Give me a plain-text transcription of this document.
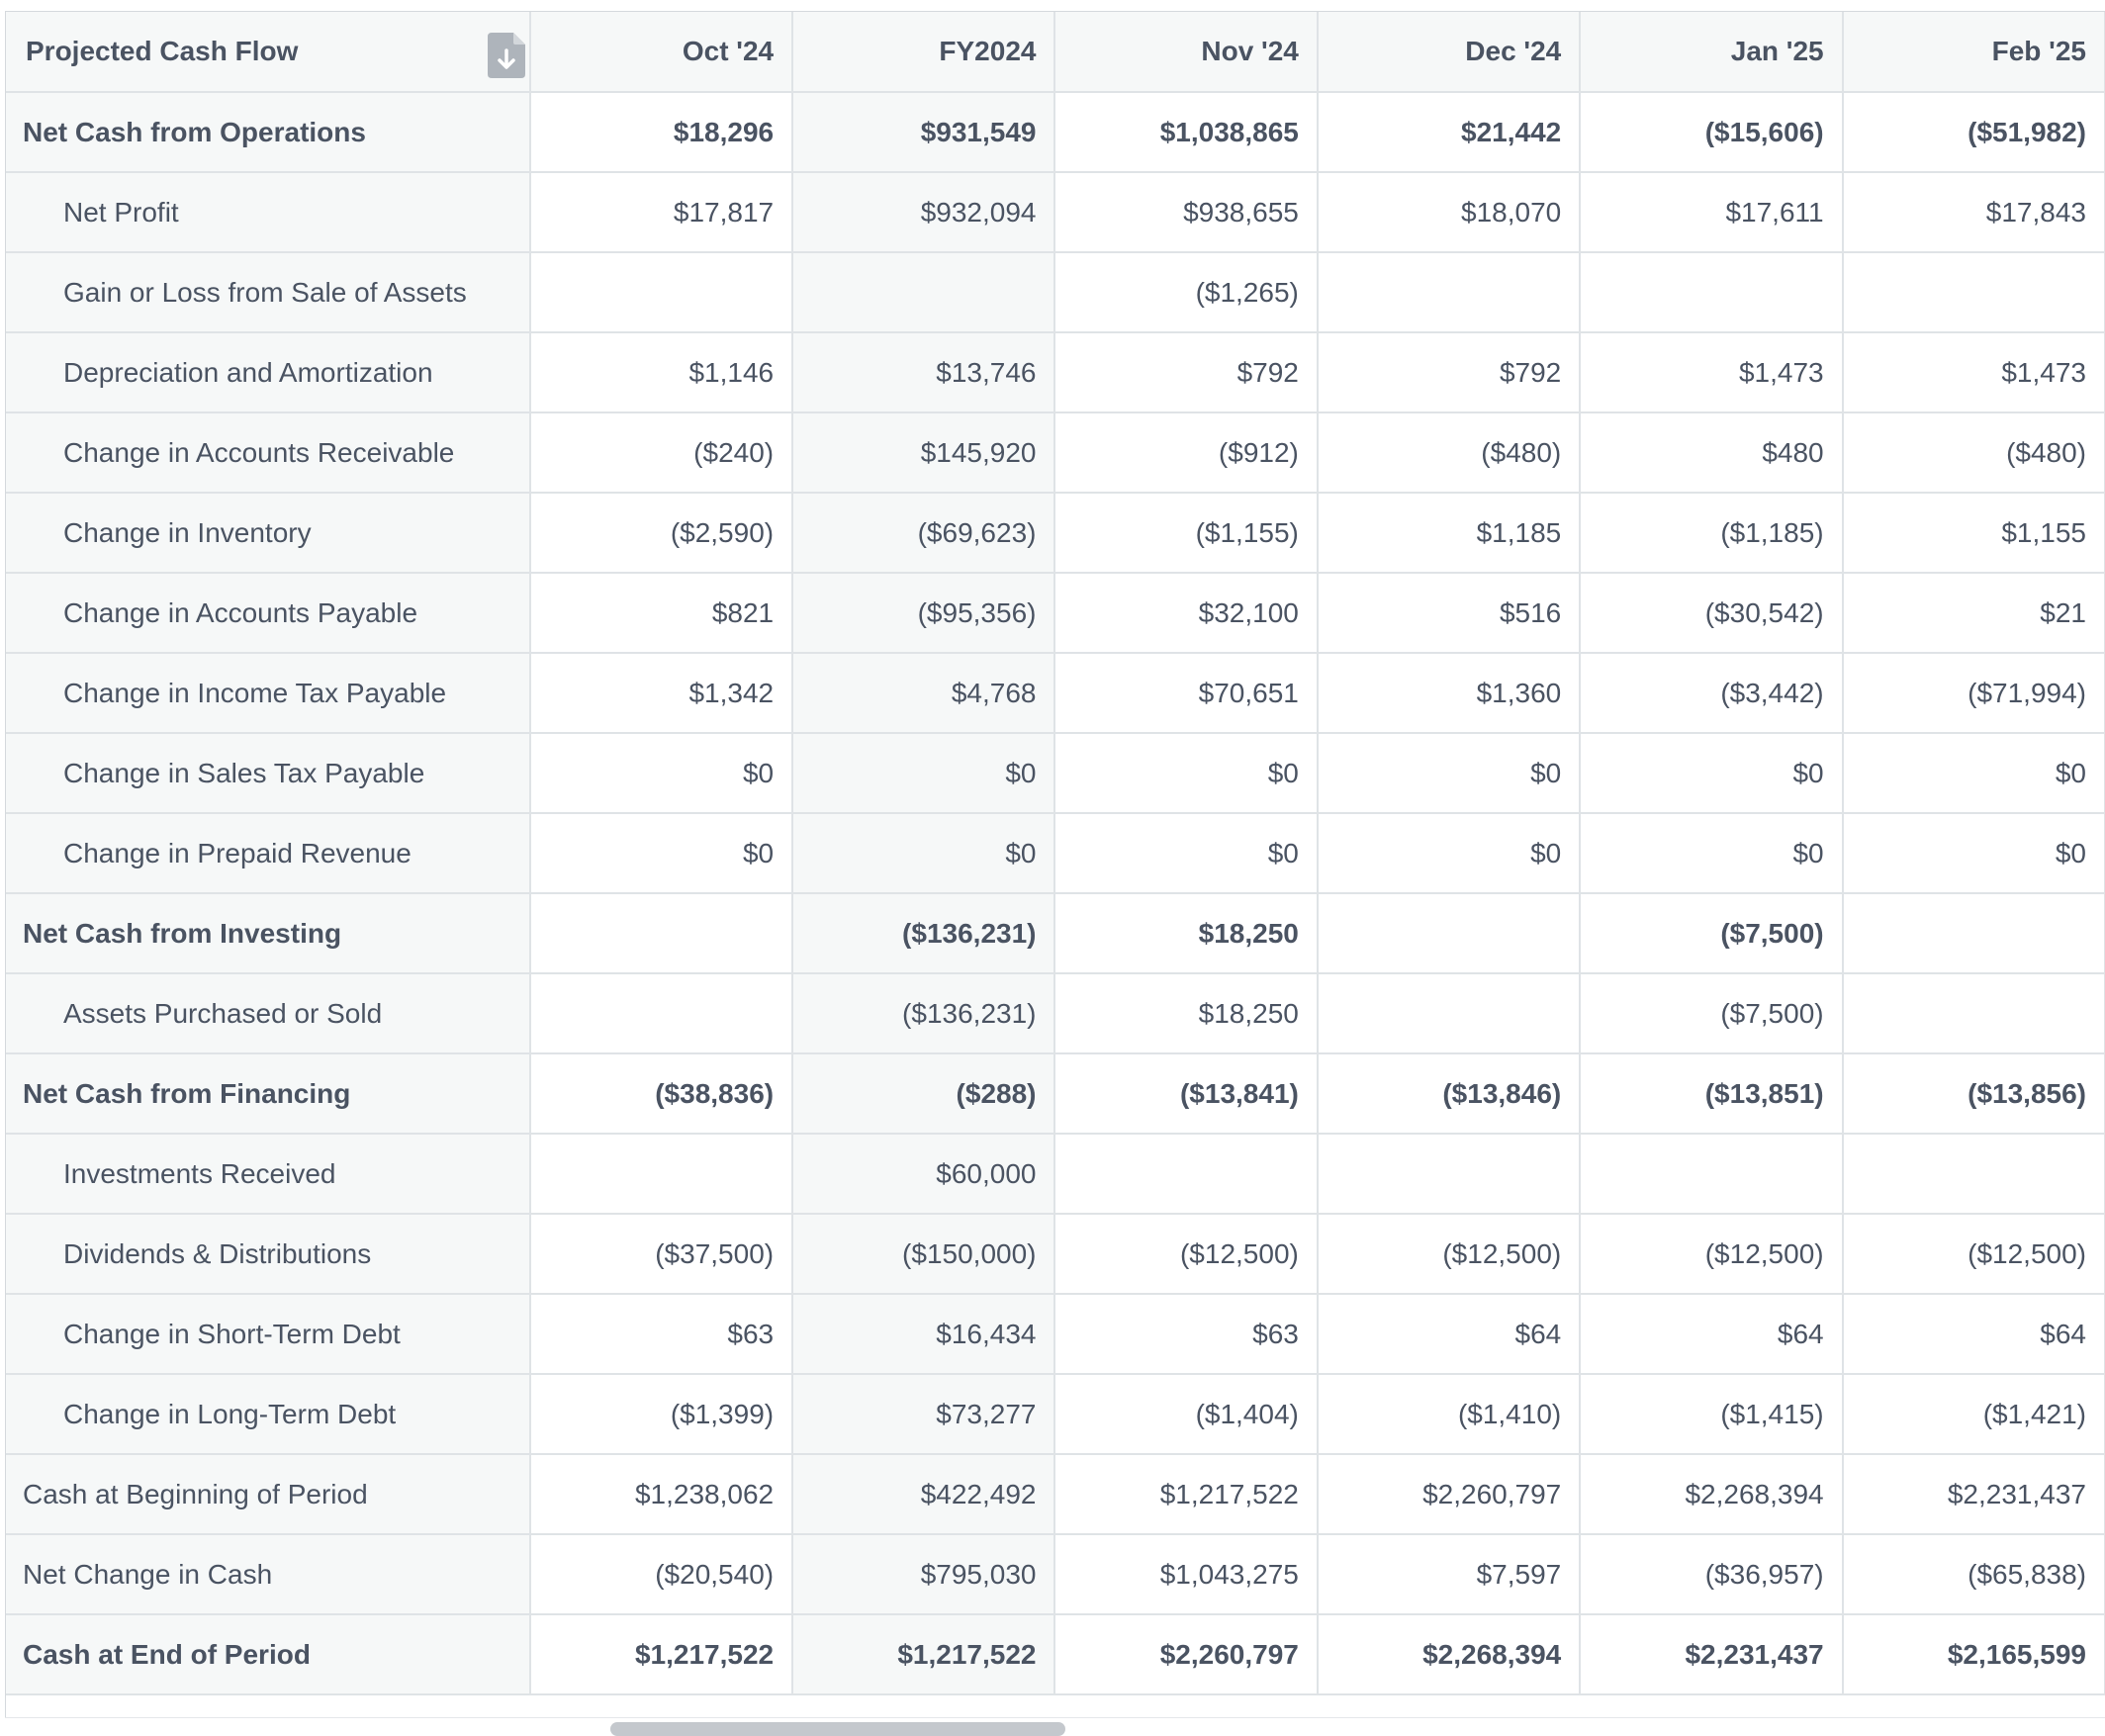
Projected Cash Flow	Oct '24	FY2024	Nov '24	Dec '24	Jan '25	Feb '25
Net Cash from Operations	$18,296	$931,549	$1,038,865	$21,442	($15,606)	($51,982)
Net Profit	$17,817	$932,094	$938,655	$18,070	$17,611	$17,843
Gain or Loss from Sale of Assets			($1,265)			
Depreciation and Amortization	$1,146	$13,746	$792	$792	$1,473	$1,473
Change in Accounts Receivable	($240)	$145,920	($912)	($480)	$480	($480)
Change in Inventory	($2,590)	($69,623)	($1,155)	$1,185	($1,185)	$1,155
Change in Accounts Payable	$821	($95,356)	$32,100	$516	($30,542)	$21
Change in Income Tax Payable	$1,342	$4,768	$70,651	$1,360	($3,442)	($71,994)
Change in Sales Tax Payable	$0	$0	$0	$0	$0	$0
Change in Prepaid Revenue	$0	$0	$0	$0	$0	$0
Net Cash from Investing		($136,231)	$18,250		($7,500)	
Assets Purchased or Sold		($136,231)	$18,250		($7,500)	
Net Cash from Financing	($38,836)	($288)	($13,841)	($13,846)	($13,851)	($13,856)
Investments Received		$60,000				
Dividends & Distributions	($37,500)	($150,000)	($12,500)	($12,500)	($12,500)	($12,500)
Change in Short-Term Debt	$63	$16,434	$63	$64	$64	$64
Change in Long-Term Debt	($1,399)	$73,277	($1,404)	($1,410)	($1,415)	($1,421)
Cash at Beginning of Period	$1,238,062	$422,492	$1,217,522	$2,260,797	$2,268,394	$2,231,437
Net Change in Cash	($20,540)	$795,030	$1,043,275	$7,597	($36,957)	($65,838)
Cash at End of Period	$1,217,522	$1,217,522	$2,260,797	$2,268,394	$2,231,437	$2,165,599
